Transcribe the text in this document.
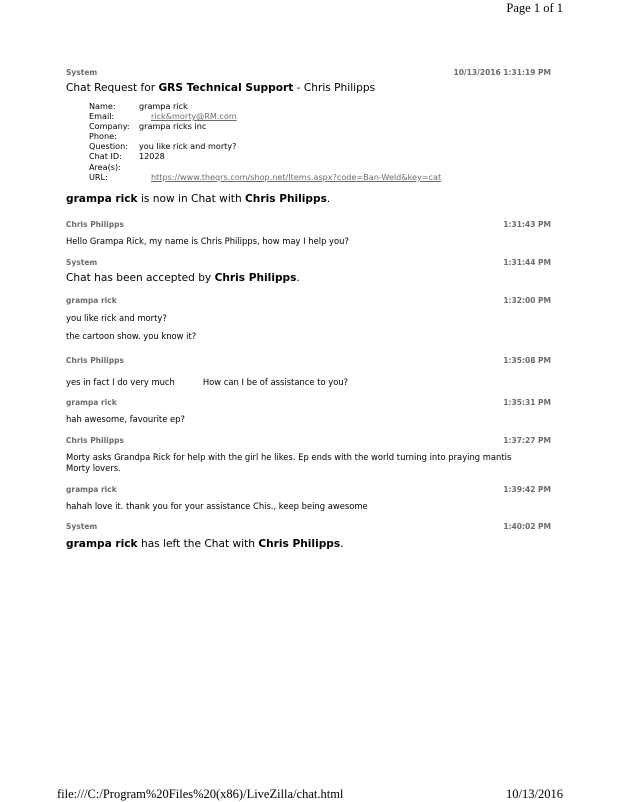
Page 1 of 1
System	10/13/2016 1:31:19 PM
Chat Request for GRS Technical Support - Chris Philipps
Name:	grampa rick
Email:	rick&morty@RM.com
Company:	grampa ricks inc
Phone:
Question:	you like rick and morty?
Chat ID:	12028
Area(s):
URL:	https://www.theqrs.com/shop.net/Items.aspx?code=Ban-Weld&key=cat
grampa rick is now in Chat with Chris Philipps.
Chris Philipps	1:31:43 PM
Hello Grampa Rick, my name is Chris Philipps, how may I help you?
System	1:31:44 PM
Chat has been accepted by Chris Philipps.
grampa rick	1:32:00 PM
you like rick and morty?
the cartoon show. you know it?
Chris Philipps	1:35:08 PM
yes in fact I do very much	How can I be of assistance to you?
grampa rick	1:35:31 PM
hah awesome, favourite ep?
Chris Philipps	1:37:27 PM
Morty asks Grandpa Rick for help with the girl he likes. Ep ends with the world turning into praying mantis Morty lovers.
grampa rick	1:39:42 PM
hahah love it. thank you for your assistance Chis., keep being awesome
System	1:40:02 PM
grampa rick has left the Chat with Chris Philipps.
file:///C:/Program%20Files%20(x86)/LiveZilla/chat.html	10/13/2016
